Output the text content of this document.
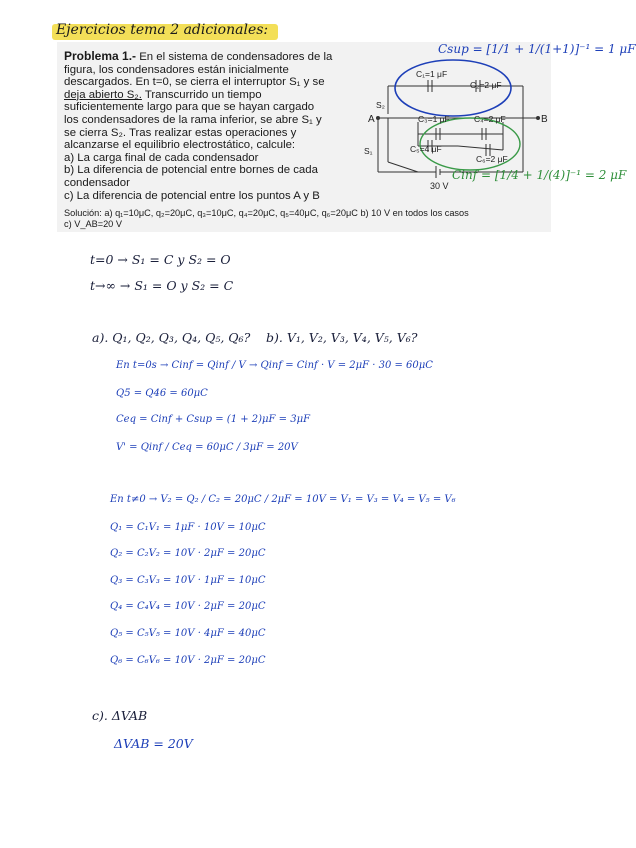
Ejercicios tema 2 adicionales:
Problema 1.- En el sistema de condensadores de la
figura, los condensadores están inicialmente
descargados. En t=0, se cierra el interruptor S₁ y se
deja abierto S₂. Transcurrido un tiempo
suficientemente largo para que se hayan cargado
los condensadores de la rama inferior, se abre S₁ y
se cierra S₂. Tras realizar estas operaciones y
alcanzarse el equilibrio electrostático, calcule:
a) La carga final de cada condensador
b) La diferencia de potencial entre bornes de cada
condensador
c) La diferencia de potencial entre los puntos A y B
Solución: a) q₁=10μC, q₂=20μC, q₃=10μC, q₄=20μC, q₅=40μC, q₆=20μC b) 10 V en todos los casos
c) V_AB=20 V
C₁=1 μF
C₂=2 μF
C₃=1 μF	C₄=2 μF
C₅=4 μF
C₆=2 μF
A	B
S₁
S₂
30 V
Csup = [1/1 + 1/(1+1)]⁻¹ = 1 μF
Cinf = [1/4 + 1/(4)]⁻¹ = 2 μF
t=0 → S₁ = C y S₂ = O
t→∞ → S₁ = O y S₂ = C
a). Q₁, Q₂, Q₃, Q₄, Q₅, Q₆? b). V₁, V₂, V₃, V₄, V₅, V₆?
En t=0s → Cinf = Qinf / V → Qinf = Cinf · V = 2μF · 30 = 60μC
Q5 = Q46 = 60μC
Ceq = Cinf + Csup = (1 + 2)μF = 3μF
V' = Qinf / Ceq = 60μC / 3μF = 20V
En t≠0 → V₂ = Q₂ / C₂ = 20μC / 2μF = 10V = V₁ = V₃ = V₄ = V₅ = V₆
Q₁ = C₁V₁ = 1μF · 10V = 10μC
Q₂ = C₂V₂ = 10V · 2μF = 20μC
Q₃ = C₃V₃ = 10V · 1μF = 10μC
Q₄ = C₄V₄ = 10V · 2μF = 20μC
Q₅ = C₅V₅ = 10V · 4μF = 40μC
Q₆ = C₆V₆ = 10V · 2μF = 20μC
c). ΔVAB
ΔVAB = 20V
